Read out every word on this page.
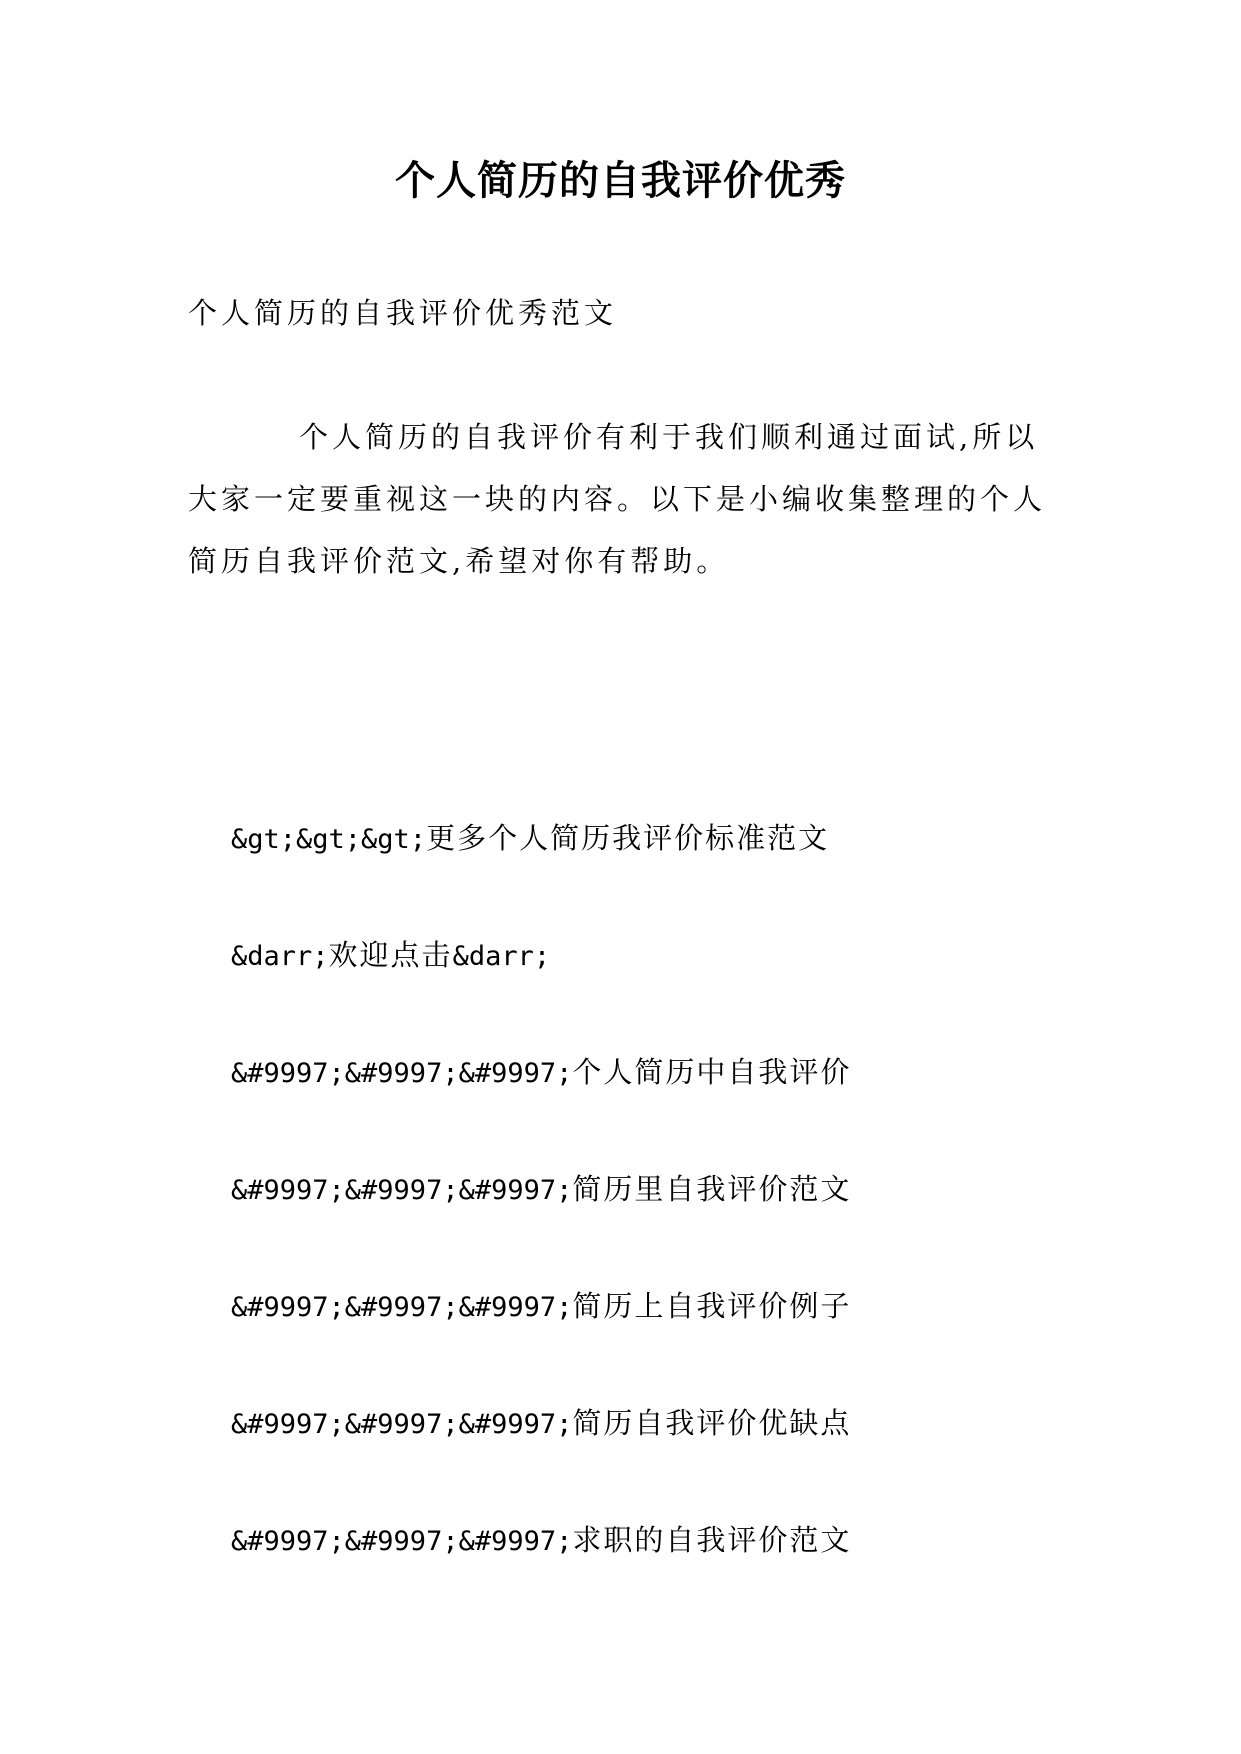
个人简历的自我评价优秀
个人简历的自我评价优秀范文
个人简历的自我评价有利于我们顺利通过面试,所以
大家一定要重视这一块的内容。以下是小编收集整理的个人
简历自我评价范文,希望对你有帮助。
&gt;&gt;&gt;更多个人简历我评价标准范文
&darr;欢迎点击&darr;
&#9997;&#9997;&#9997;个人简历中自我评价
&#9997;&#9997;&#9997;简历里自我评价范文
&#9997;&#9997;&#9997;简历上自我评价例子
&#9997;&#9997;&#9997;简历自我评价优缺点
&#9997;&#9997;&#9997;求职的自我评价范文
